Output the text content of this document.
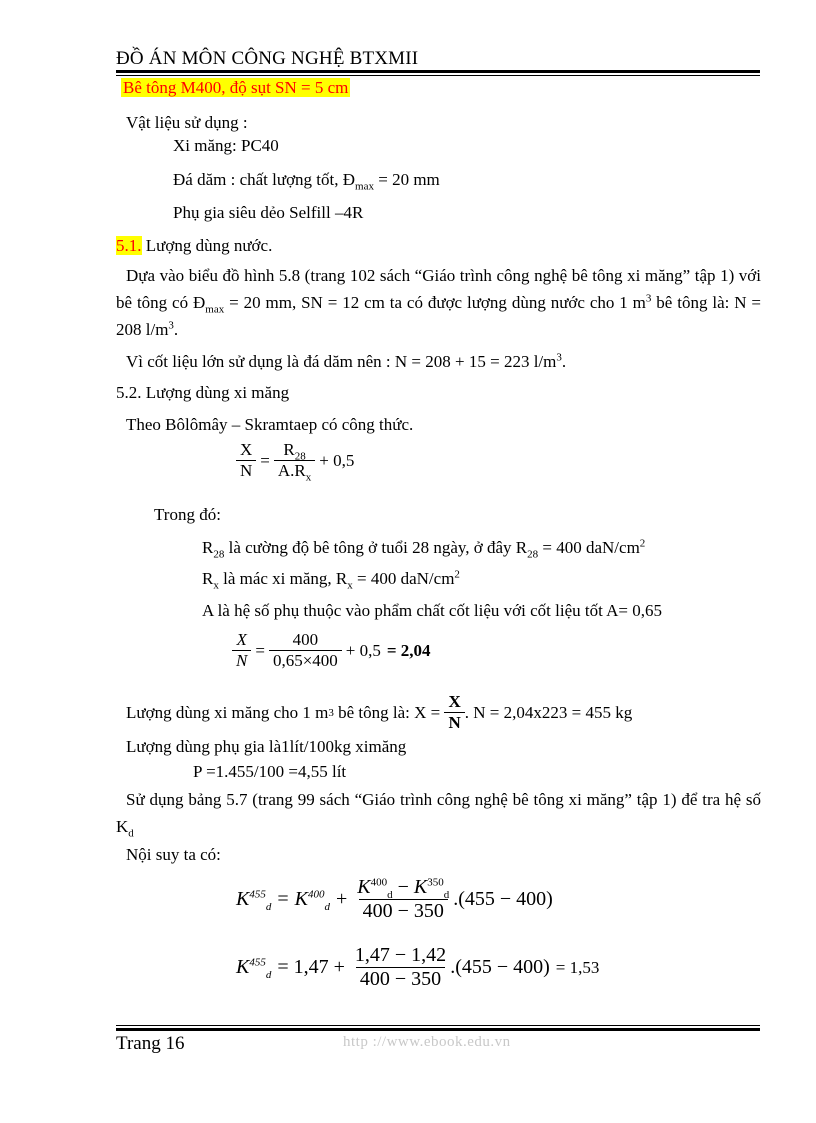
ĐỒ ÁN MÔN CÔNG NGHỆ BTXMII
Bê tông M400, độ sụt SN = 5 cm
Vật liệu sử dụng :
Xi măng: PC40
Đá dăm : chất lượng tốt, $Đ_{max} = 20$ mm
Phụ gia siêu dẻo Selfill –4R
5.1. Lượng dùng nước.
Dựa vào biểu đồ hình 5.8 (trang 102 sách “Giáo trình công nghệ bê tông xi măng” tập 1) với bê tông có $Đ_{max} = 20$ mm, SN = 12 cm ta có được lượng dùng nước cho 1 $m^3$ bê tông là: N = 208 $l/m^3$.
Vì cốt liệu lớn sử dụng là đá dăm nên : N = 208 + 15 = 223 $l/m^3$.
5.2. Lượng dùng xi măng
Theo Bôlômây – Skramtaep có công thức.
$\frac{X}{N} = \frac{R_{28}}{A.R_x} + 0,5$
Trong đó:
$R_{28}$ là cường độ bê tông ở tuổi 28 ngày, ở đây $R_{28} = 400$ daN/$cm^2$
$R_x$ là mác xi măng, $R_x = 400$ daN/$cm^2$
A là hệ số phụ thuộc vào phẩm chất cốt liệu với cốt liệu tốt A= 0,65
$\frac{X}{N} = \frac{400}{0,65\times 400} + 0,5 = 2,04$
Lượng dùng xi măng cho 1 m 3 bê tông là: $X = \frac{X}{N}$ . N = 2,04x223 = 455 kg
Lượng dùng phụ gia là1lít/100kg ximăng
P =1.455/100 =4,55 lít
Sử dụng bảng 5.7 (trang 99 sách “Giáo trình công nghệ bê tông xi măng” tập 1) để tra hệ số $K_d$
Nội suy ta có:
$K^{455}_d = K^{400}_d + \frac{K^{400}_d - K^{350}_d}{400 - 350} .(455 - 400)$
$K^{455}_d = 1,47 + \frac{1,47 - 1,42}{400 - 350} .(455 - 400) = 1,53$
Trang 16	http ://www.ebook.edu.vn
